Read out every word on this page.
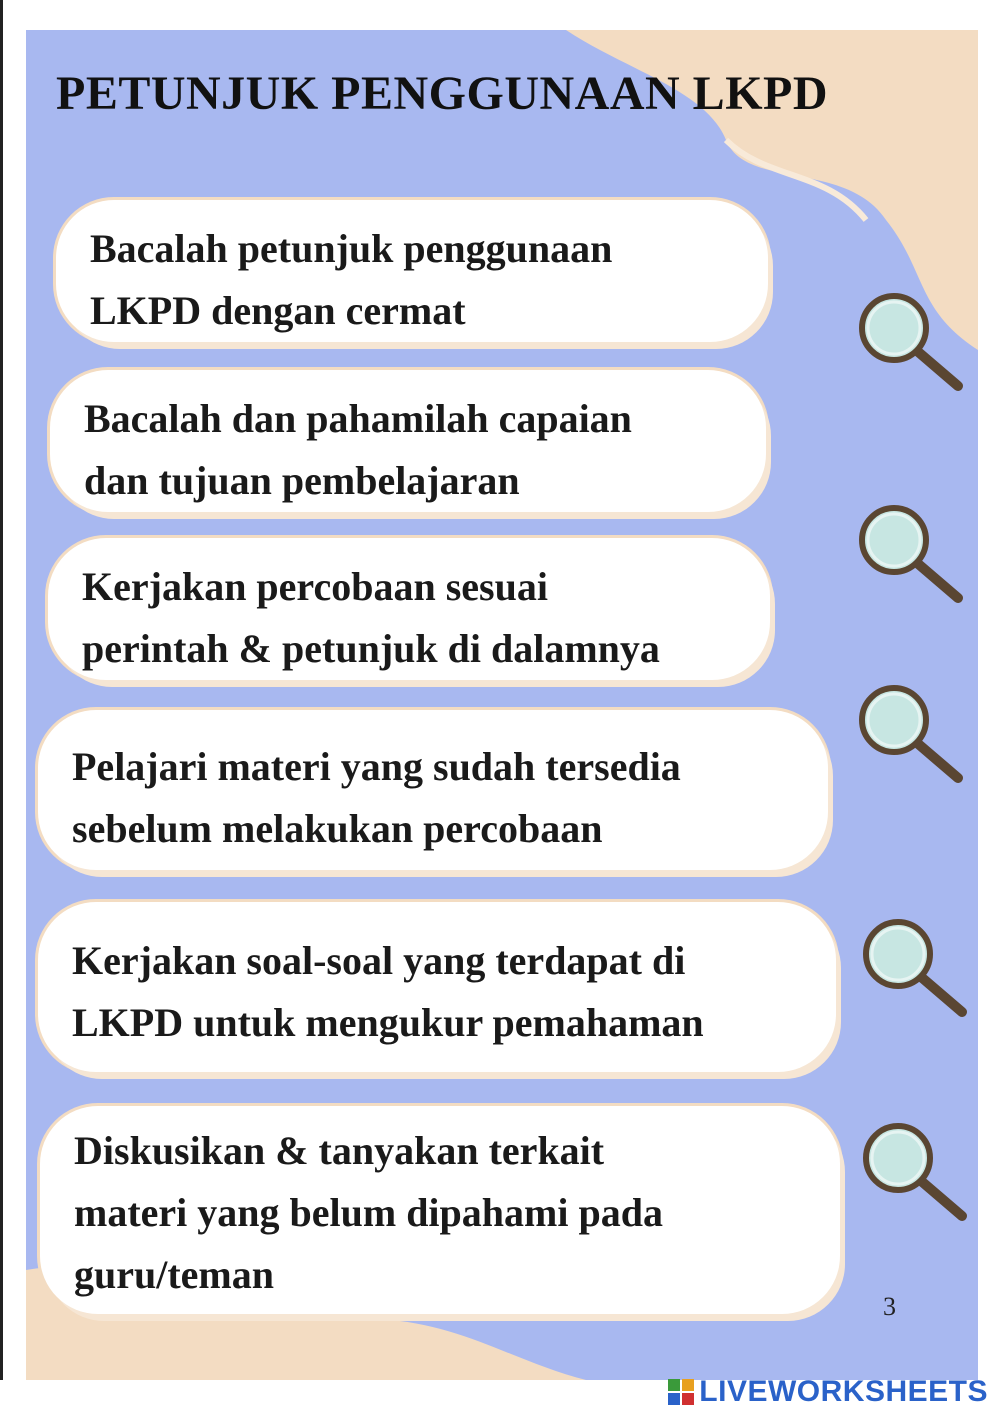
PETUNJUK PENGGUNAAN LKPD
Bacalah petunjuk penggunaan
LKPD dengan cermat
Bacalah dan pahamilah capaian
dan tujuan pembelajaran
Kerjakan percobaan sesuai
perintah & petunjuk di dalamnya
Pelajari materi yang sudah tersedia
sebelum melakukan percobaan
Kerjakan soal-soal yang terdapat di
LKPD untuk mengukur pemahaman
Diskusikan & tanyakan terkait
materi yang belum dipahami pada
guru/teman
3
LIVEWORKSHEETS
